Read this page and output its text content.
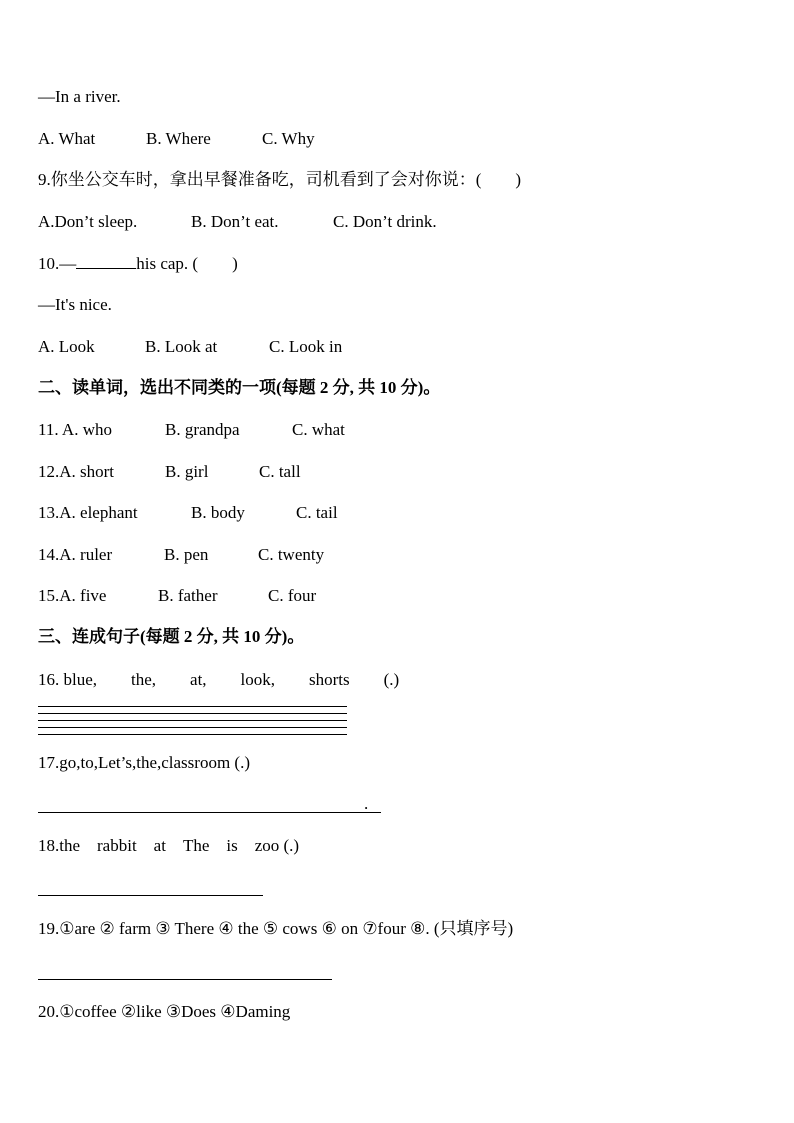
—In a river.
A. What	B. Where	C. Why
9.你坐公交车时，拿出早餐准备吃，司机看到了会对你说：(　　)
A.Don’t sleep.	B. Don’t eat.	C. Don’t drink.
10.—	his cap. (　　)
—It's nice.
A. Look	B. Look at	C. Look in
二、读单词，选出不同类的一项(每题 2 分, 共 10 分)。
11. A. who	B. grandpa	C. what
12.A. short	B. girl	C. tall
13.A. elephant	B. body	C. tail
14.A. ruler	B. pen	C. twenty
15.A. five	B. father	C. four
三、连成句子(每题 2 分, 共 10 分)。
16. blue,　　the,　　at,　　look,　　shorts　　(.)
17.go,to,Let’s,the,classroom (.)
.
18.the　rabbit　at　The　is　zoo (.)
19.①are ② farm ③ There ④ the ⑤ cows ⑥ on ⑦four ⑧. (只填序号)
20.①coffee ②like ③Does ④Daming
